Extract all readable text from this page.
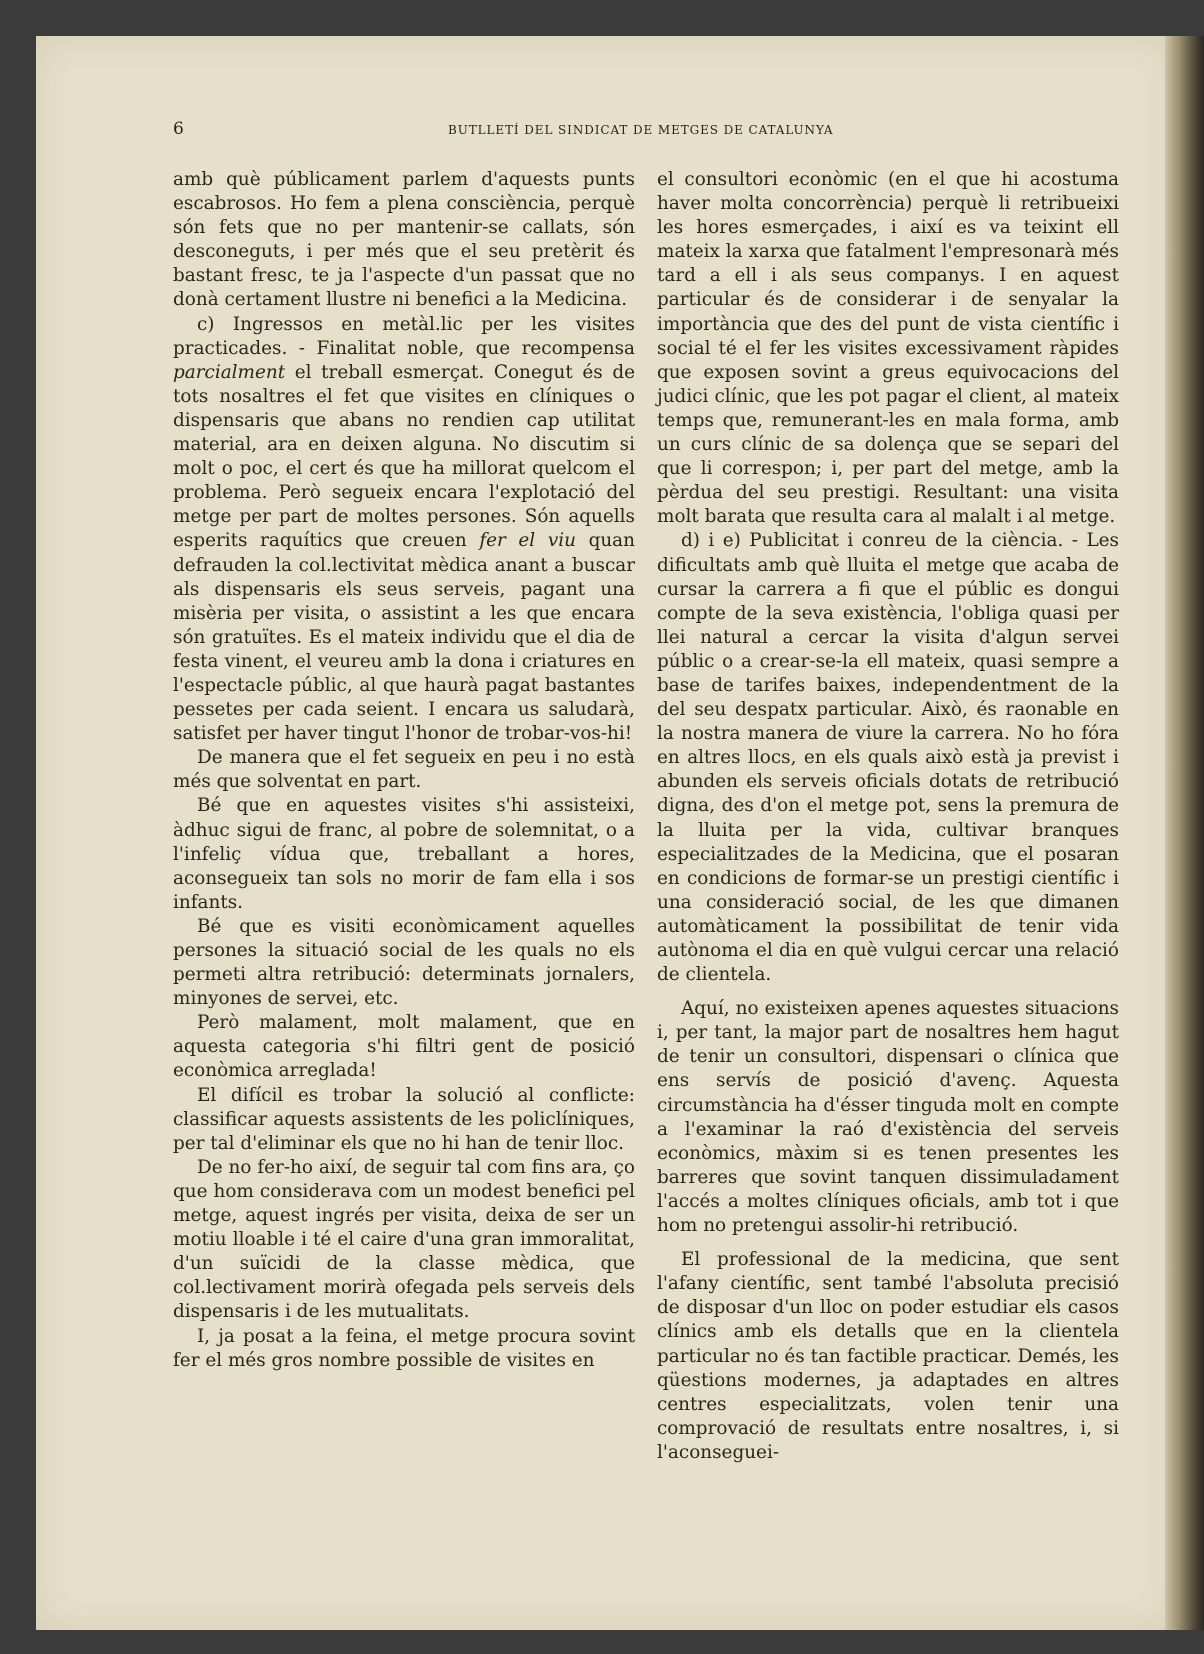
6	BUTLLETÍ DEL SINDICAT DE METGES DE CATALUNYA

amb què públicament parlem d'aquests punts escabrosos. Ho fem a plena consciència, perquè són fets que no per mantenir-se callats, són desconeguts, i per més que el seu pretèrit és bastant fresc, te ja l'aspecte d'un passat que no donà certament llustre ni benefici a la Medicina.

c) Ingressos en metàl.lic per les visites practicades. - Finalitat noble, que recompensa parcialment el treball esmerçat. Conegut és de tots nosaltres el fet que visites en clíniques o dispensaris que abans no rendien cap utilitat material, ara en deixen alguna. No discutim si molt o poc, el cert és que ha millorat quelcom el problema. Però segueix encara l'explotació del metge per part de moltes persones. Són aquells esperits raquítics que creuen fer el viu quan defrauden la col.lectivitat mèdica anant a buscar als dispensaris els seus serveis, pagant una misèria per visita, o assistint a les que encara són gratuïtes. Es el mateix individu que el dia de festa vinent, el veureu amb la dona i criatures en l'espectacle públic, al que haurà pagat bastantes pessetes per cada seient. I encara us saludarà, satisfet per haver tingut l'honor de trobar-vos-hi!

De manera que el fet segueix en peu i no està més que solventat en part.

Bé que en aquestes visites s'hi assisteixi, àdhuc sigui de franc, al pobre de solemnitat, o a l'infeliç vídua que, treballant a hores, aconsegueix tan sols no morir de fam ella i sos infants.

Bé que es visiti econòmicament aquelles persones la situació social de les quals no els permeti altra retribució: determinats jornalers, minyones de servei, etc.

Però malament, molt malament, que en aquesta categoria s'hi filtri gent de posició econòmica arreglada!

El difícil es trobar la solució al conflicte: classificar aquests assistents de les policlíniques, per tal d'eliminar els que no hi han de tenir lloc.

De no fer-ho així, de seguir tal com fins ara, ço que hom considerava com un modest benefici pel metge, aquest ingrés per visita, deixa de ser un motiu lloable i té el caire d'una gran immoralitat, d'un suïcidi de la classe mèdica, que col.lectivament morirà ofegada pels serveis dels dispensaris i de les mutualitats.

I, ja posat a la feina, el metge procura sovint fer el més gros nombre possible de visites en

el consultori econòmic (en el que hi acostuma haver molta concorrència) perquè li retribueixi les hores esmerçades, i així es va teixint ell mateix la xarxa que fatalment l'empresonarà més tard a ell i als seus companys. I en aquest particular és de considerar i de senyalar la importància que des del punt de vista científic i social té el fer les visites excessivament ràpides que exposen sovint a greus equivocacions del judici clínic, que les pot pagar el client, al mateix temps que, remunerant-les en mala forma, amb un curs clínic de sa dolença que se separi del que li correspon; i, per part del metge, amb la pèrdua del seu prestigi. Resultant: una visita molt barata que resulta cara al malalt i al metge.

d) i e) Publicitat i conreu de la ciència. - Les dificultats amb què lluita el metge que acaba de cursar la carrera a fi que el públic es dongui compte de la seva existència, l'obliga quasi per llei natural a cercar la visita d'algun servei públic o a crear-se-la ell mateix, quasi sempre a base de tarifes baixes, independentment de la del seu despatx particular. Això, és raonable en la nostra manera de viure la carrera. No ho fóra en altres llocs, en els quals això està ja previst i abunden els serveis oficials dotats de retribució digna, des d'on el metge pot, sens la premura de la lluita per la vida, cultivar branques especialitzades de la Medicina, que el posaran en condicions de formar-se un prestigi científic i una consideració social, de les que dimanen automàticament la possibilitat de tenir vida autònoma el dia en què vulgui cercar una relació de clientela.

Aquí, no existeixen apenes aquestes situacions i, per tant, la major part de nosaltres hem hagut de tenir un consultori, dispensari o clínica que ens servís de posició d'avenç. Aquesta circumstància ha d'ésser tinguda molt en compte a l'examinar la raó d'existència del serveis econòmics, màxim si es tenen presentes les barreres que sovint tanquen dissimuladament l'accés a moltes clíniques oficials, amb tot i que hom no pretengui assolir-hi retribució.

El professional de la medicina, que sent l'afany científic, sent també l'absoluta precisió de disposar d'un lloc on poder estudiar els casos clínics amb els detalls que en la clientela particular no és tan factible practicar. Demés, les qüestions modernes, ja adaptades en altres centres especialitzats, volen tenir una comprovació de resultats entre nosaltres, i, si l'aconseguei-
